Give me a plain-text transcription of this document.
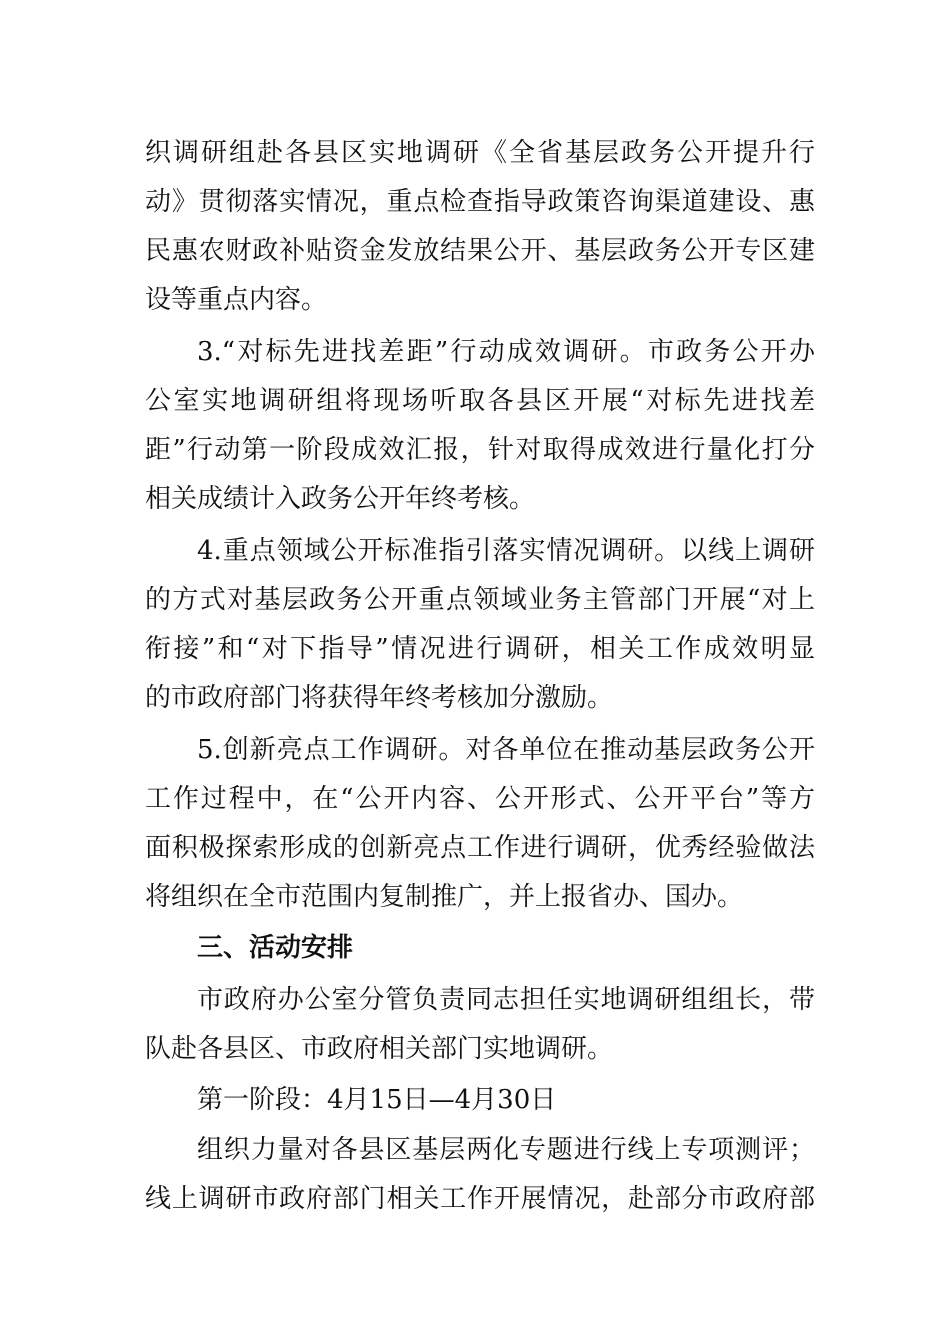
织调研组赴各县区实地调研《全省基层政务公开提升行
动》贯彻落实情况，重点检查指导政策咨询渠道建设、惠
民惠农财政补贴资金发放结果公开、基层政务公开专区建
设等重点内容。
3.“对标先进找差距”行动成效调研。市政务公开办
公室实地调研组将现场听取各县区开展“对标先进找差
距”行动第一阶段成效汇报，针对取得成效进行量化打分
相关成绩计入政务公开年终考核。
4.重点领域公开标准指引落实情况调研。以线上调研
的方式对基层政务公开重点领域业务主管部门开展“对上
衔接”和“对下指导”情况进行调研，相关工作成效明显
的市政府部门将获得年终考核加分激励。
5.创新亮点工作调研。对各单位在推动基层政务公开
工作过程中，在“公开内容、公开形式、公开平台”等方
面积极探索形成的创新亮点工作进行调研，优秀经验做法
将组织在全市范围内复制推广，并上报省办、国办。
三、活动安排
市政府办公室分管负责同志担任实地调研组组长，带
队赴各县区、市政府相关部门实地调研。
第一阶段：4月15日—4月30日
组织力量对各县区基层两化专题进行线上专项测评；
线上调研市政府部门相关工作开展情况，赴部分市政府部
